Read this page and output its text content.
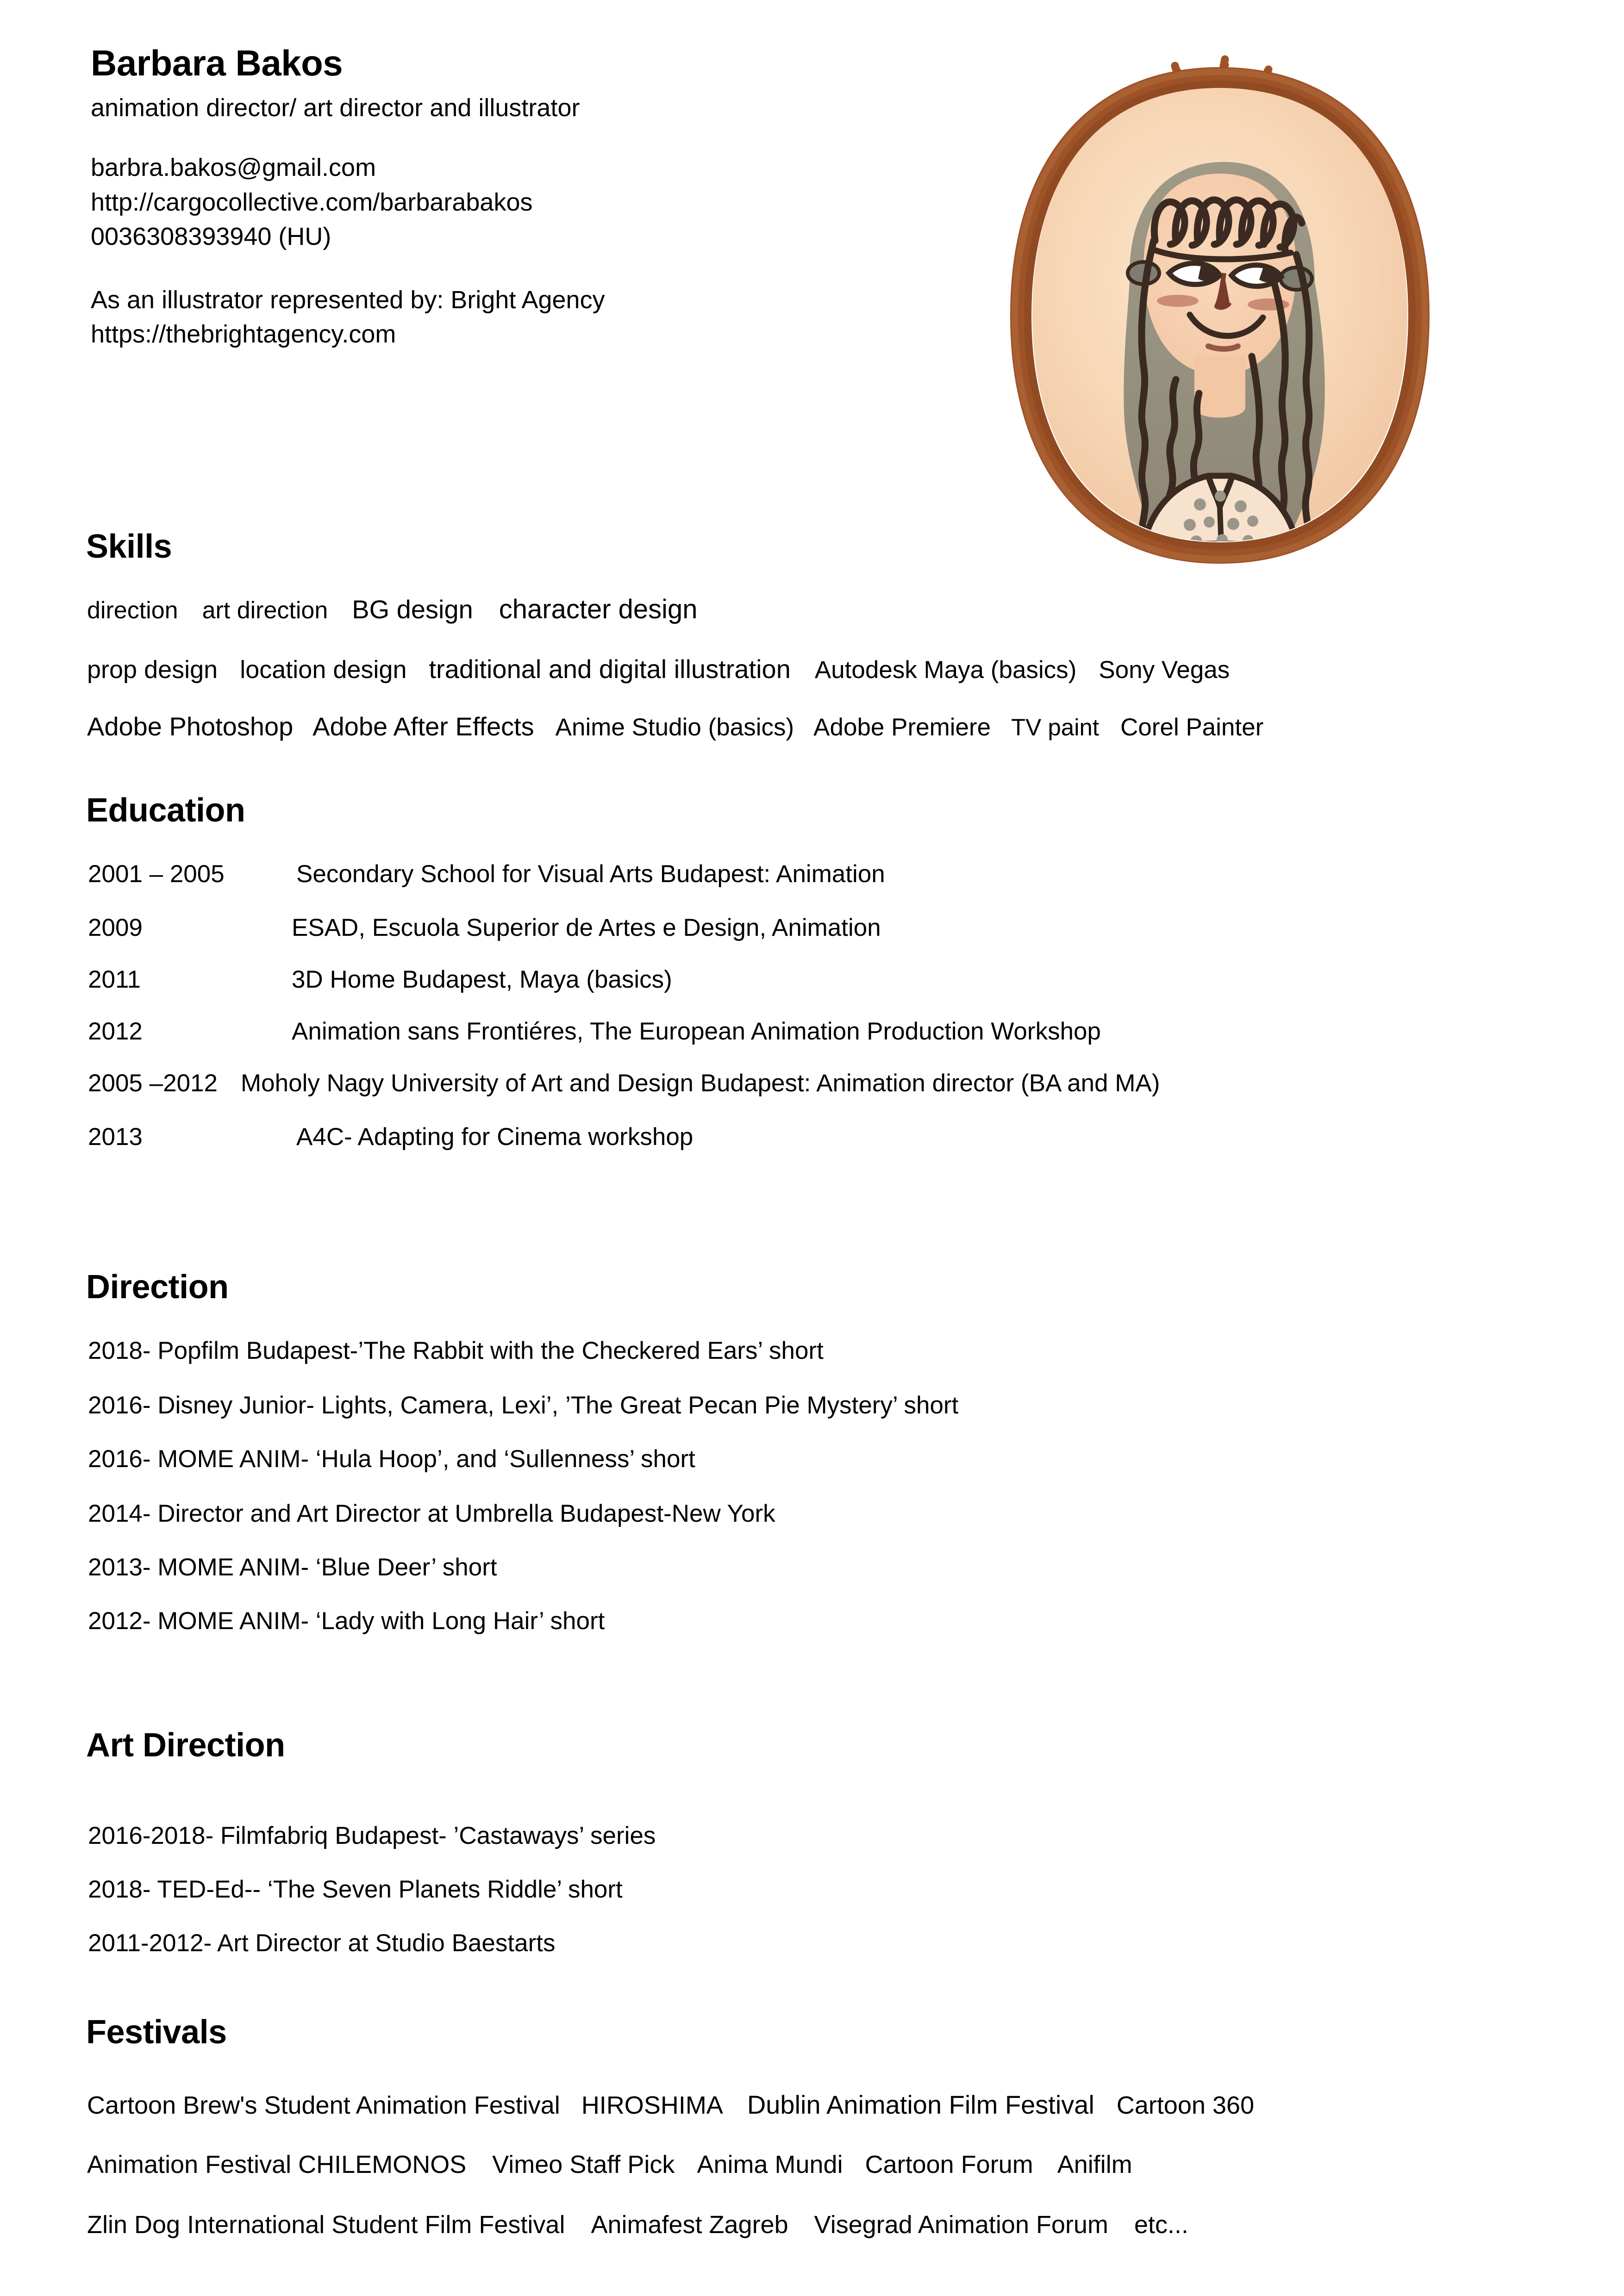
Barbara Bakos

animation director/ art director and illustrator

barbra.bakos@gmail.com
http://cargocollective.com/barbarabakos
0036308393940 (HU)
As an illustrator represented by: Bright Agency
https://thebrightagency.com
Skills
direction art direction BG design character design
prop design location design traditional and digital illustration Autodesk Maya (basics) Sony Vegas
Adobe Photoshop Adobe After Effects Anime Studio (basics) Adobe Premiere TV paint Corel Painter
Education
2001 – 2005	Secondary School for Visual Arts Budapest: Animation
2009	ESAD, Escuola Superior de Artes e Design, Animation
2011	3D Home Budapest, Maya (basics)
2012	Animation sans Frontiéres, The European Animation Production Workshop
2005 –2012 Moholy Nagy University of Art and Design Budapest: Animation director (BA and MA)
2013	A4C- Adapting for Cinema workshop
Direction
2018- Popfilm Budapest-’The Rabbit with the Checkered Ears’ short
2016- Disney Junior- Lights, Camera, Lexi’, ’The Great Pecan Pie Mystery’ short
2016- MOME ANIM- ‘Hula Hoop’, and ‘Sullenness’ short
2014- Director and Art Director at Umbrella Budapest-New York
2013- MOME ANIM- ‘Blue Deer’ short
2012- MOME ANIM- ‘Lady with Long Hair’ short
Art Direction
2016-2018- Filmfabriq Budapest- ’Castaways’ series
2018- TED-Ed-- ‘The Seven Planets Riddle’ short
2011-2012- Art Director at Studio Baestarts
Festivals
Cartoon Brew's Student Animation Festival HIROSHIMA Dublin Animation Film Festival Cartoon 360
Animation Festival CHILEMONOS Vimeo Staff Pick Anima Mundi Cartoon Forum Anifilm
Zlin Dog International Student Film Festival Animafest Zagreb Visegrad Animation Forum etc...
